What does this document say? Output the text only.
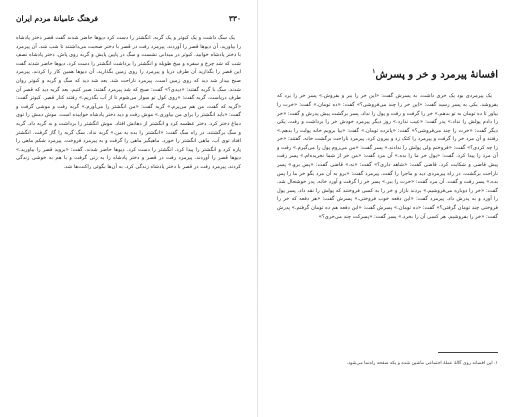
فرهنگ عامیانهٔ مردم ایران	۳۳۰

یک سگ داشت و یک کبوتر و یک گربه. انگشتر را دست کرد دیوها حاضر شدند گفت قصر دختر پادشاه را بیاورید. آن دیوها قصر را آوردند. پیرمرد رفت در قصر با دختر صحبت می‌داشتند تا شب شد. آن پیرمرد با دختر پادشاه خوابید. کبوتر در میدانی نشست و سگ در پایین پایش و گربه روی پاش. دختر پادشاه نصف شب که شد چرخ و سفره و میخ طویله و انگشتر را برداشت انگشتر را دست کرد، دیوها حاضر شدند گفت این قصر را بگذارید آن طرف دریا و پیرمرد را روی زمین بگذارید. آن دیوها همین کار را کردند. پیرمرد صبح بیدار شد دید که روی زمین است. پیرمرد ناراحت شد. بعد شد دید که سگ و گربه و کبوتر روان شدند. سگ با گربه گفتند: «دیدی؟» گفت: صبح که شد پیرمرد گفتند: صبر کنیم. بعد گربه دید که قصر آن طرف دریاست. گربه گفت: «روی کول تو سوار می‌شوم تا از آب بگذریم.» رفتند کنار قصر. کبوتر گفت: «گربه که گفت، من هم می‌پرم.» گربه گفت: «من انگشتر را می‌آورم.» گربه رفت و موشی گرفت و گفت: «باید انگشتر را برای من بیاوری.» موش رفت و دید دختر پادشاه خوابیده است. موش دمش را توی دماغ دختر کرد. دختر عطسه کرد و انگشتر از دهانش افتاد. موش انگشتر را برداشت و به گربه داد. گربه و سگ برگشتند. در راه سگ گفت: «انگشتر را بده به من.» گربه نداد. سگ گربه را گاز گرفت. انگشتر افتاد توی آب. ماهی انگشتر را خورد. ماهیگیر ماهی را گرفت و به پیرمرد فروخت. پیرمرد شکم ماهی را پاره کرد و انگشتر را پیدا کرد. انگشتر را دست کرد. دیوها حاضر شدند. گفت: «بروید قصر را بیاورید.» دیوها قصر را آوردند. پیرمرد رفت در قصر و دختر پادشاه را به زنی گرفت و با هم به خوشی زندگی کردند. پیرمرد رفت در قصر با دختر پادشاه زندگی کرد. به آن‌ها بگوئی راکنت‌ها شد.

افسانهٔ پیرمرد و خر و پسرش$^۱$

یک پیرمردی بود یک خری داشت. به پسرش گفت: «این خر را ببر و بفروش.» پسر خر را برد که بفروشد. یکی به پسر رسید گفت: «این خر را چند می‌فروشی؟» گفت: «ده تومان.» گفت: «خرت را بیاور تا ده تومان به تو بدهم.» خر را گرفت و رفت و پول را نداد. پسر برگشت پیش پدرش و گفت: «خر را دادم پولش را نداد.» پدر گفت: «عیب ندارد.» روز دیگر پیرمرد خودش خر را برداشت و رفت. یکی دیگر گفت: «خرت را چند می‌فروشی؟» گفت: «پانزده تومان.» گفت: «بیا برویم خانه پولت را بدهم.» رفتند و آن مرد خر را گرفت و پیرمرد را کتک زد و بیرون کرد. پیرمرد ناراحت برگشت خانه. گفتند: «خر را چه کردی؟» گفت: «فروختم ولی پولش را ندادند.» پسر گفت: «من می‌روم پول را می‌گیرم.» رفت و آن مرد را پیدا کرد. گفت: «پول خر ما را بده.» آن مرد گفت: «من خر از شما نخریده‌ام.» پسر رفت پیش قاضی و شکایت کرد. قاضی گفت: «شاهد داری؟» گفت: «نه.» قاضی گفت: «پس برو.» پسر ناراحت برگشت. در راه پیرمردی دید و ماجرا را گفت. پیرمرد گفت: «برو به آن مرد بگو خر ما را پس بده.» پسر رفت و گفت. آن مرد گفت: «خرت را ببر.» پسر خر را گرفت و آورد خانه. پدر خوشحال شد. گفت: «خر را دوباره می‌فروشیم.» بردند بازار و خر را به کسی فروختند که پولش را نقد داد. پسر پول را آورد و به پدرش داد. پیرمرد گفت: «این دفعه خوب فروختی.» پسرش گفت: «هر دفعه که خر را فروختی چند تومان گرفتی؟» گفت: «ده تومان.» پسرش گفت: «این دفعه هم ده تومان گرفتم.» پدرش گفت: «خر را بفروشیم. هر کسی آن را بخرد.» پسر گفت: «پسرکت چند می‌خری؟»

۱. این افسانه روی گالهٔ عملهٔ اجتماعی ماشین شده و یکه صفحه راه‌نما می‌شود.
